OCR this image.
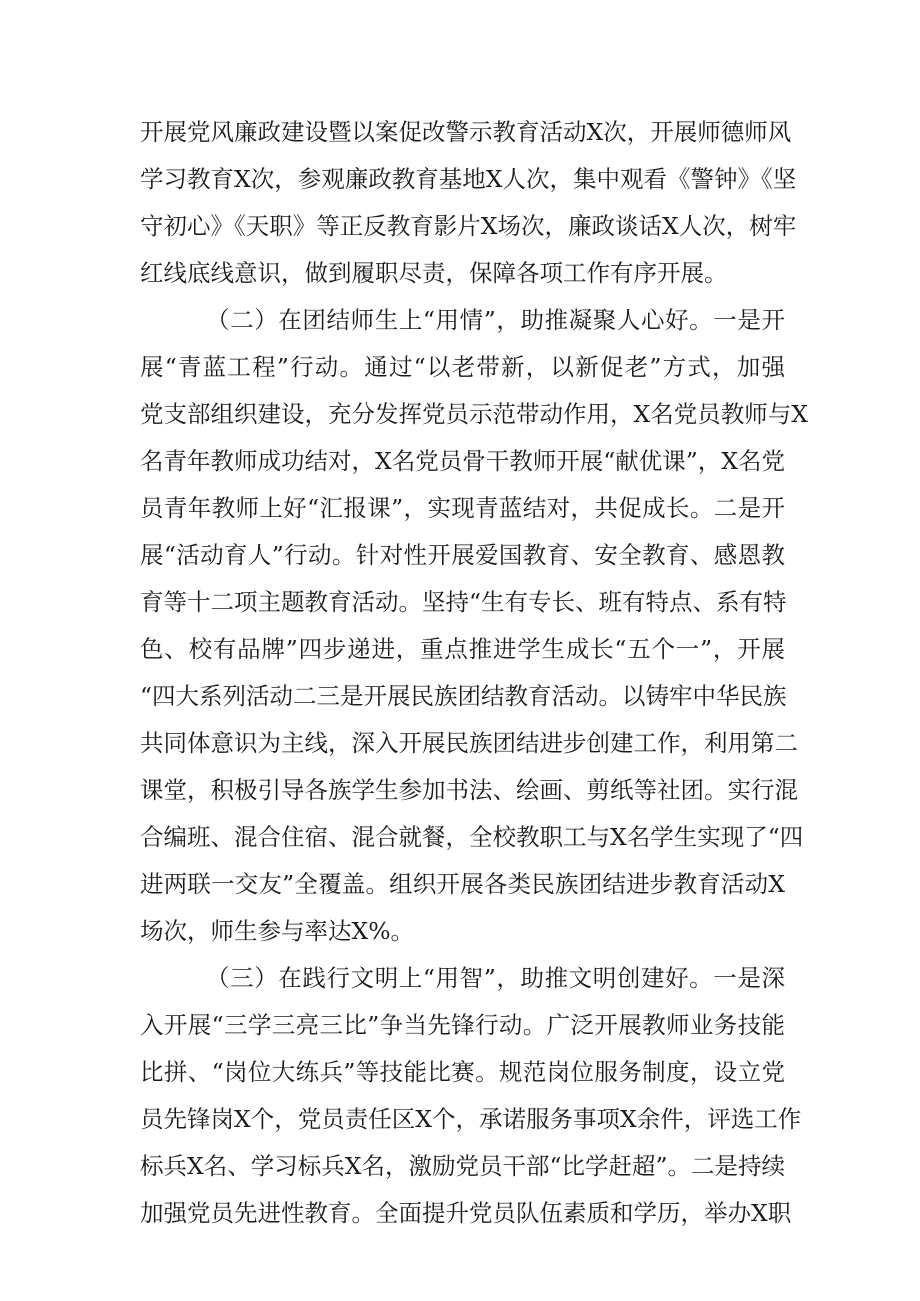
开展党风廉政建设暨以案促改警示教育活动X次，开展师德师风
学习教育X次，参观廉政教育基地X人次，集中观看《警钟》《坚
守初心》《天职》等正反教育影片X场次，廉政谈话X人次，树牢
红线底线意识，做到履职尽责，保障各项工作有序开展。
（二）在团结师生上“用情”，助推凝聚人心好。一是开
展“青蓝工程”行动。通过“以老带新，以新促老”方式，加强
党支部组织建设，充分发挥党员示范带动作用，X名党员教师与X
名青年教师成功结对，X名党员骨干教师开展“献优课”，X名党
员青年教师上好“汇报课”，实现青蓝结对，共促成长。二是开
展“活动育人”行动。针对性开展爱国教育、安全教育、感恩教
育等十二项主题教育活动。坚持“生有专长、班有特点、系有特
色、校有品牌”四步递进，重点推进学生成长“五个一”，开展
“四大系列活动二三是开展民族团结教育活动。以铸牢中华民族
共同体意识为主线，深入开展民族团结进步创建工作，利用第二
课堂，积极引导各族学生参加书法、绘画、剪纸等社团。实行混
合编班、混合住宿、混合就餐，全校教职工与X名学生实现了“四
进两联一交友”全覆盖。组织开展各类民族团结进步教育活动X
场次，师生参与率达X%。
（三）在践行文明上“用智”，助推文明创建好。一是深
入开展“三学三亮三比”争当先锋行动。广泛开展教师业务技能
比拼、“岗位大练兵”等技能比赛。规范岗位服务制度，设立党
员先锋岗X个，党员责任区X个，承诺服务事项X余件，评选工作
标兵X名、学习标兵X名，激励党员干部“比学赶超”。二是持续
加强党员先进性教育。全面提升党员队伍素质和学历，举办X职
